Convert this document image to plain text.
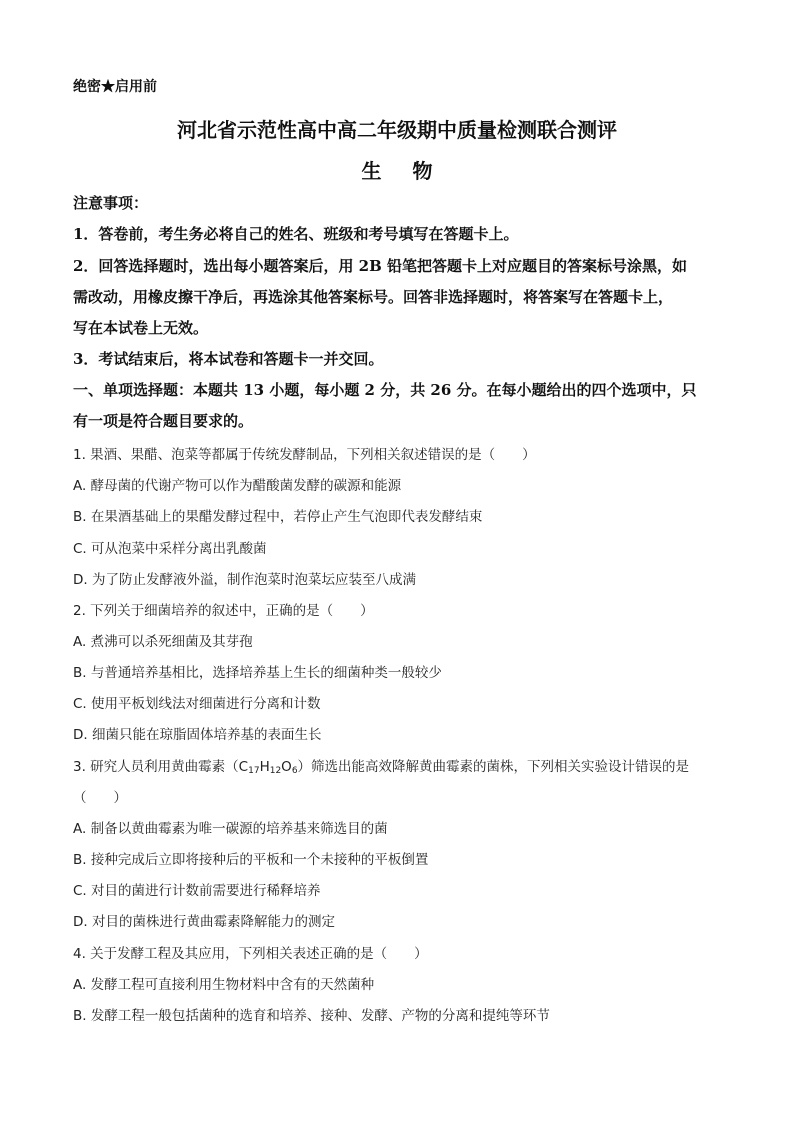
绝密★启用前
河北省示范性高中高二年级期中质量检测联合测评
生 物
注意事项：
1．答卷前，考生务必将自己的姓名、班级和考号填写在答题卡上。
2．回答选择题时，选出每小题答案后，用 2B 铅笔把答题卡上对应题目的答案标号涂黑，如
需改动，用橡皮擦干净后，再选涂其他答案标号。回答非选择题时，将答案写在答题卡上，
写在本试卷上无效。
3．考试结束后，将本试卷和答题卡一并交回。
一、单项选择题：本题共 13 小题，每小题 2 分，共 26 分。在每小题给出的四个选项中，只
有一项是符合题目要求的。
1. 果酒、果醋、泡菜等都属于传统发酵制品，下列相关叙述错误的是（　　）
A. 酵母菌的代谢产物可以作为醋酸菌发酵的碳源和能源
B. 在果酒基础上的果醋发酵过程中，若停止产生气泡即代表发酵结束
C. 可从泡菜中采样分离出乳酸菌
D. 为了防止发酵液外溢，制作泡菜时泡菜坛应装至八成满
2. 下列关于细菌培养的叙述中，正确的是（　　）
A. 煮沸可以杀死细菌及其芽孢
B. 与普通培养基相比，选择培养基上生长的细菌种类一般较少
C. 使用平板划线法对细菌进行分离和计数
D. 细菌只能在琼脂固体培养基的表面生长
3. 研究人员利用黄曲霉素$(C_{17}H_{12}O_6)$筛选出能高效降解黄曲霉素的菌株，下列相关实验设计错误的是
（　　）
A. 制备以黄曲霉素为唯一碳源的培养基来筛选目的菌
B. 接种完成后立即将接种后的平板和一个未接种的平板倒置
C. 对目的菌进行计数前需要进行稀释培养
D. 对目的菌株进行黄曲霉素降解能力的测定
4. 关于发酵工程及其应用，下列相关表述正确的是（　　）
A. 发酵工程可直接利用生物材料中含有的天然菌种
B. 发酵工程一般包括菌种的选育和培养、接种、发酵、产物的分离和提纯等环节
